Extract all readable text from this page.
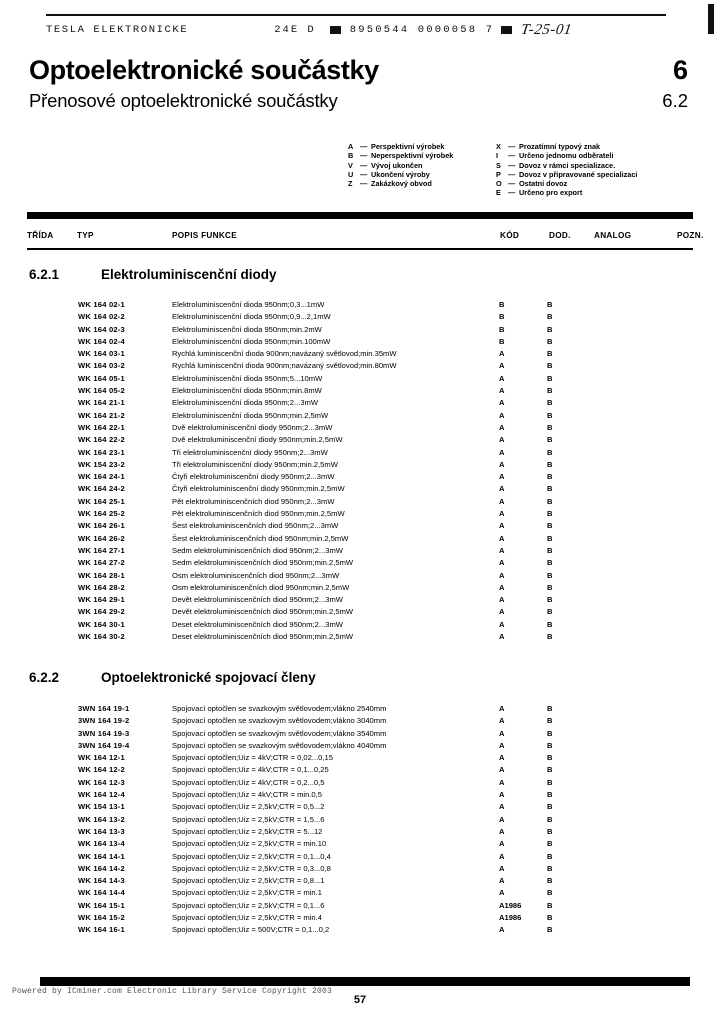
TESLA ELEKTRONICKE	24E D	8950544 0000058 7 T-25-01
Optoelektronické součástky	6
Přenosové optoelektronické součástky	6.2
A — Perspektivní výrobek
B — Neperspektivní výrobek
V — Vývoj ukončen
U — Ukončení výroby
Z	— Zakázkový obvod
X — Prozatímní typový znak
I	— Určeno jednomu odběrateli
S — Dovoz v rámci specializace.
P — Dovoz v připravované specializaci
O — Ostatní dovoz
E — Určeno pro export
TŘÍDA	TYP	POPIS FUNKCE	KÓD	DOD.	ANALOG	POZN.
6.2.1	Elektroluminiscenční diody
WK 164 02-1	Elektroluminiscenční dioda 950nm;0,3...1mW	B	B
WK 164 02-2	Elektroluminiscenční dioda 950nm;0,9...2,1mW	B	B
WK 164 02-3	Elektroluminiscenční dioda 950nm;min.2mW	B	B
WK 164 02-4	Elektroluminiscenční dioda 950nm;min.100mW	B	B
WK 164 03-1	Rychlá luminiscenční dioda 900nm;navázaný světlovod;min.35mW	A	B
WK 164 03-2	Rychlá luminiscenční dioda 900nm;navázaný světlovod;min.80mW	A	B
WK 164 05-1	Elektroluminiscenční dioda 950nm;5...10mW	A	B
WK 164 05-2	Elektroluminiscenční dioda 950nm;min.8mW	A	B
WK 164 21-1	Elektroluminiscenční dioda 950nm;2...3mW	A	B
WK 164 21-2	Elektroluminiscenční dioda 950nm;min.2,5mW	A	B
WK 164 22-1	Dvě elektroluminiscenční diody 950nm;2...3mW	A	B
WK 164 22-2	Dvě elektroluminiscenční diody 950nm;min.2,5mW	A	B
WK 164 23-1	Tři elektroluminiscenční diody 950nm;2...3mW	A	B
WK 154 23-2	Tři elektroluminiscenční diody 950nm;min.2,5mW	A	B
WK 164 24-1	Čtyři elektroluminiscenční diody 950nm;2...3mW	A	B
WK 164 24-2	Čtyři elektroluminiscenční diody 950nm;min.2,5mW	A	B
WK 164 25-1	Pět elektroluminiscenčních diod 950nm;2...3mW	A	B
WK 164 25-2	Pět elektroluminiscenčních diod 950nm;min.2,5mW	A	B
WK 164 26-1	Šest elektroluminiscenčních diod 950nm;2...3mW	A	B
WK 164 26-2	Šest elektroluminiscenčních diod 950nm;min.2,5mW	A	B
WK 164 27-1	Sedm elektroluminiscenčních diod 950nm;2...3mW	A	B
WK 164 27-2	Sedm elektroluminiscenčních diod 950nm;min.2,5mW	A	B
WK 164 28-1	Osm elektroluminiscenčních diod 950nm;2...3mW	A	B
WK 164 28-2	Osm elektroluminiscenčních diod 950nm;min.2,5mW	A	B
WK 164 29-1	Devět elektroluminiscenčních diod 950nm;2...3mW	A	B
WK 164 29-2	Devět elektroluminiscenčních diod 950nm;min.2,5mW	A	B
WK 164 30-1	Deset elektroluminiscenčních diod 950nm;2...3mW	A	B
WK 164 30-2	Deset elektroluminiscenčních diod 950nm;min.2,5mW	A	B
6.2.2	Optoelektronické spojovací členy
3WN 164 19-1	Spojovací optočlen se svazkovým světlovodem;vlákno 2540mm	A	B
3WN 164 19-2	Spojovací optočlen se svazkovým světlovodem;vlákno 3040mm	A	B
3WN 164 19-3	Spojovací optočlen se svazkovým světlovodem;vlákno 3540mm	A	B
3WN 164 19-4	Spojovací optočlen se svazkovým světlovodem;vlákno 4040mm	A	B
WK 164 12-1	Spojovací optočlen;Uiz = 4kV;CTR = 0,02...0,15	A	B
WK 164 12-2	Spojovací optočlen;Uiz = 4kV;CTR = 0,1...0,25	A	B
WK 164 12-3	Spojovací optočlen;Uiz = 4kV;CTR = 0,2...0,5	A	B
WK 164 12-4	Spojovací optočlen;Uiz = 4kV;CTR = min.0,5	A	B
WK 154 13-1	Spojovací optočlen;Uiz = 2,5kV;CTR = 0,5...2	A	B
WK 164 13-2	Spojovací optočlen;Uiz = 2,5kV;CTR = 1,5...6	A	B
WK 164 13-3	Spojovací optočlen;Uiz = 2,5kV;CTR = 5...12	A	B
WK 164 13-4	Spojovací optočlen;Uiz = 2,5kV;CTR = min.10	A	B
WK 164 14-1	Spojovací optočlen;Uiz = 2,5kV;CTR = 0,1...0,4	A	B
WK 164 14-2	Spojovací optočlen;Uiz = 2,5kV;CTR = 0,3...0,8	A	B
WK 164 14-3	Spojovací optočlen;Uiz = 2,5kV;CTR = 0,8...1	A	B
WK 164 14-4	Spojovací optočlen;Uiz = 2,5kV;CTR = min.1	A	B
WK 164 15-1	Spojovací optočlen;Uiz = 2,5kV;CTR = 0,1...6	A1986	B
WK 164 15-2	Spojovací optočlen;Uiz = 2,5kV;CTR = min.4	A1986	B
WK 164 16-1	Spojovací optočlen;Uiz = 500V;CTR = 0,1...0,2	A	B
Powered by ICminer.com Electronic Library Service Copyright 2003
57
